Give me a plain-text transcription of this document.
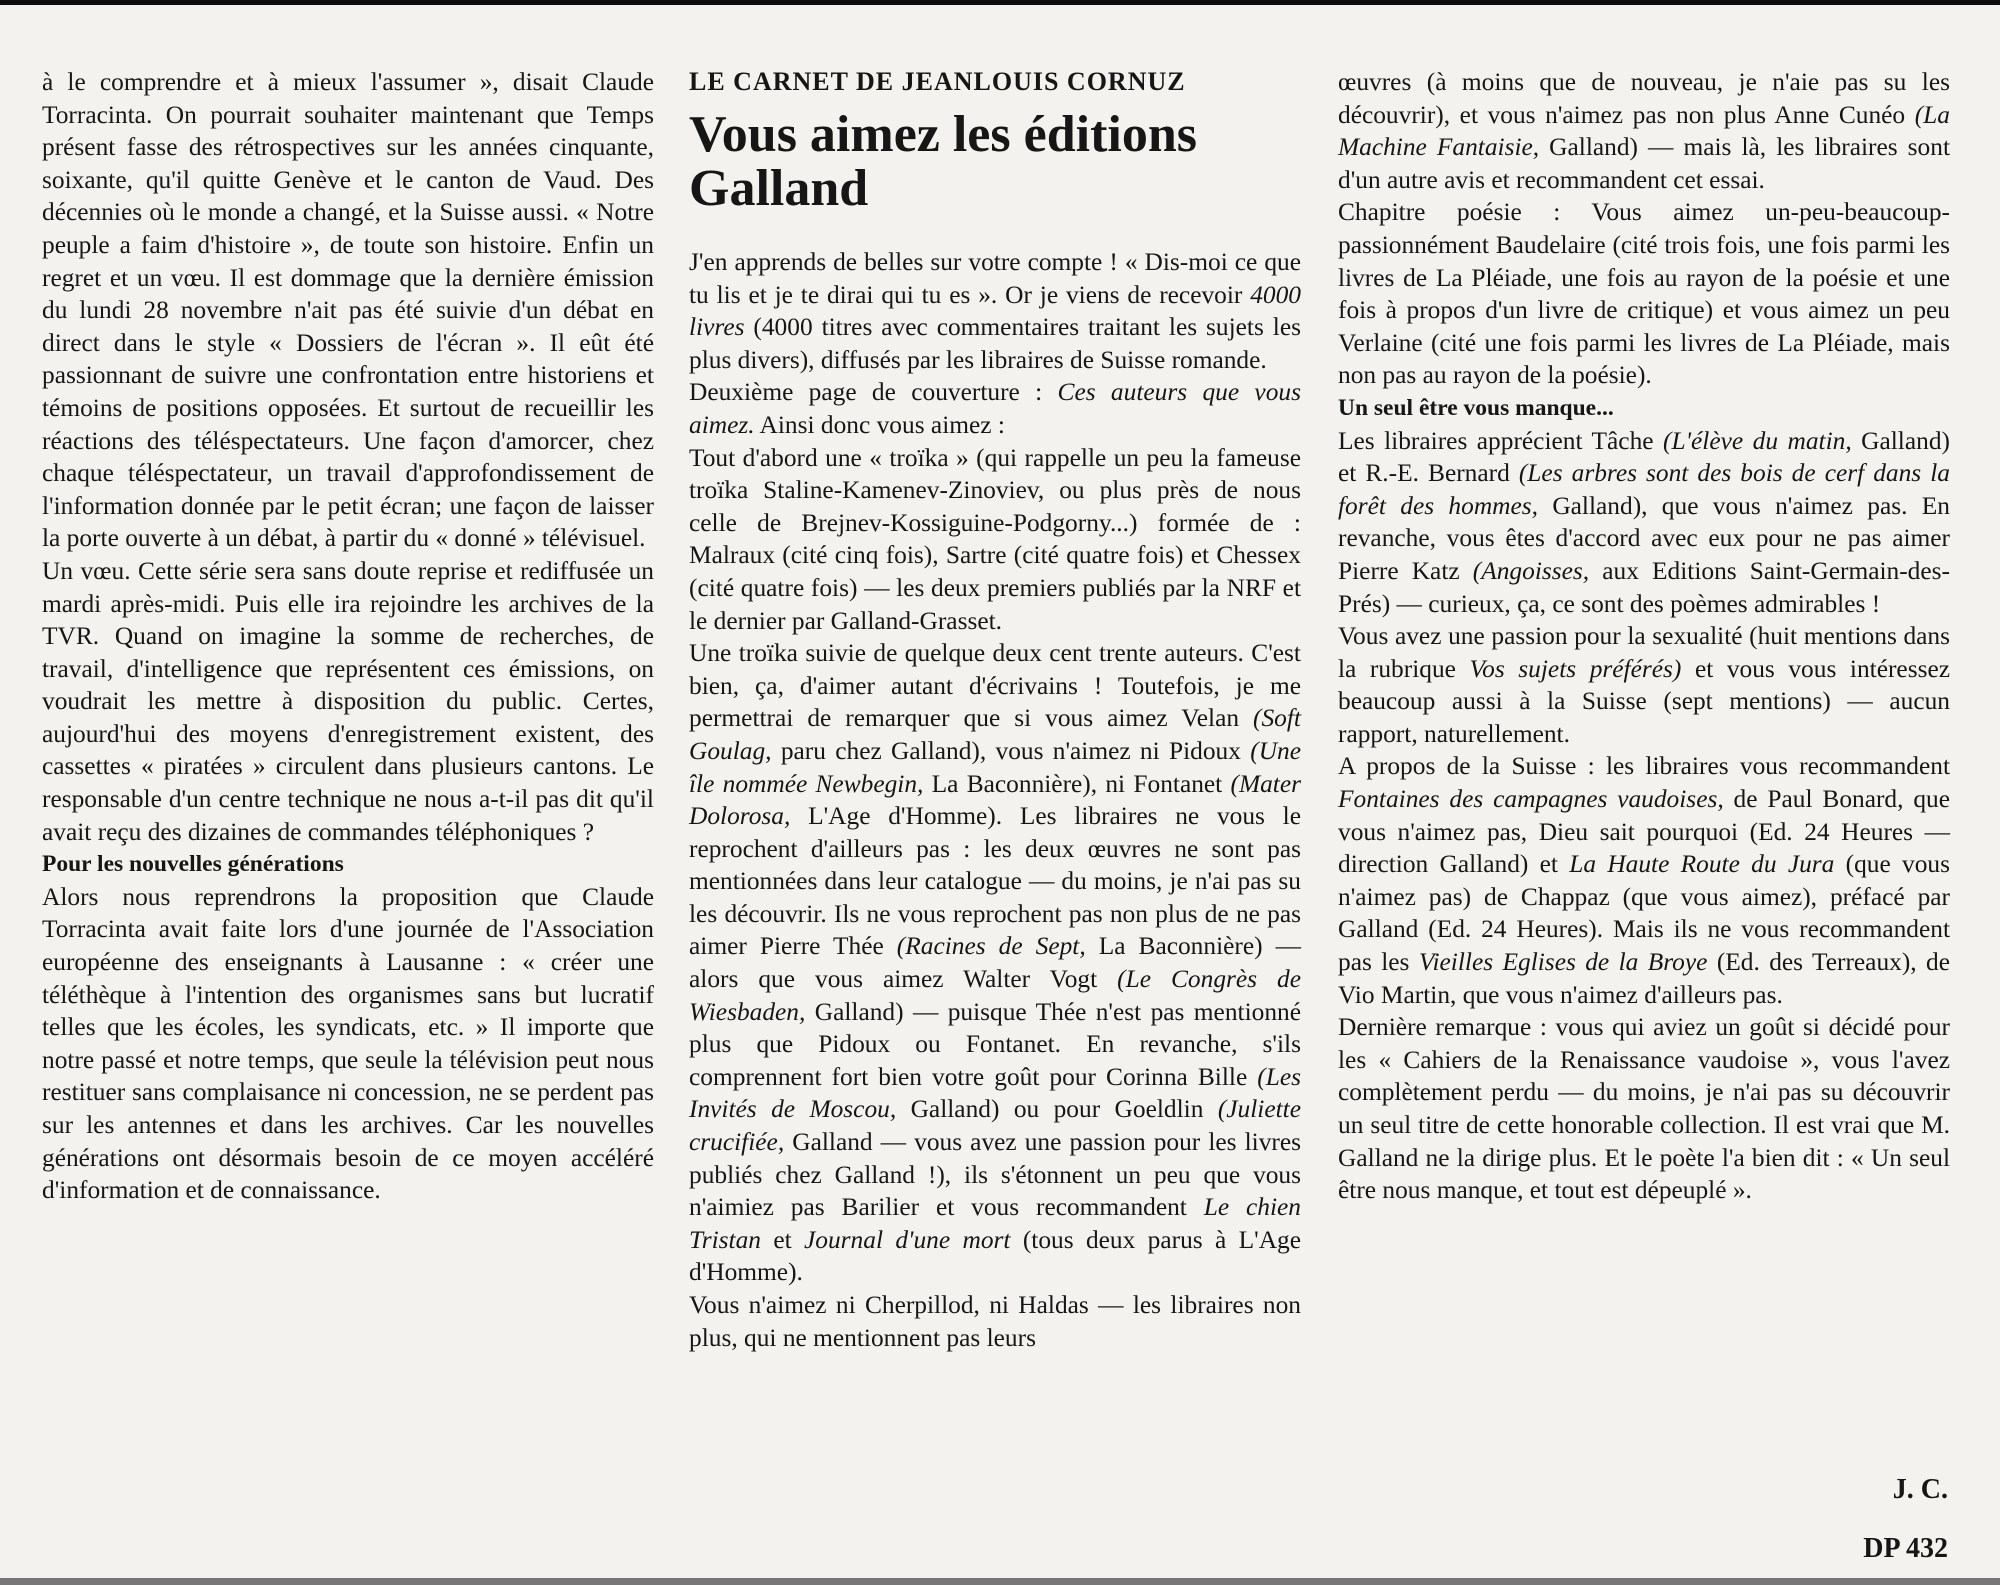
à le comprendre et à mieux l'assumer », disait Claude Torracinta. On pourrait souhaiter maintenant que Temps présent fasse des rétrospectives sur les années cinquante, soixante, qu'il quitte Genève et le canton de Vaud. Des décennies où le monde a changé, et la Suisse aussi. « Notre peuple a faim d'histoire », de toute son histoire. Enfin un regret et un vœu. Il est dommage que la dernière émission du lundi 28 novembre n'ait pas été suivie d'un débat en direct dans le style « Dossiers de l'écran ». Il eût été passionnant de suivre une confrontation entre historiens et témoins de positions opposées. Et surtout de recueillir les réactions des téléspectateurs. Une façon d'amorcer, chez chaque téléspectateur, un travail d'approfondissement de l'information donnée par le petit écran; une façon de laisser la porte ouverte à un débat, à partir du « donné » télévisuel.

Un vœu. Cette série sera sans doute reprise et rediffusée un mardi après-midi. Puis elle ira rejoindre les archives de la TVR. Quand on imagine la somme de recherches, de travail, d'intelligence que représentent ces émissions, on voudrait les mettre à disposition du public. Certes, aujourd'hui des moyens d'enregistrement existent, des cassettes « piratées » circulent dans plusieurs cantons. Le responsable d'un centre technique ne nous a-t-il pas dit qu'il avait reçu des dizaines de commandes téléphoniques ?

Pour les nouvelles générations

Alors nous reprendrons la proposition que Claude Torracinta avait faite lors d'une journée de l'Association européenne des enseignants à Lausanne : « créer une téléthèque à l'intention des organismes sans but lucratif telles que les écoles, les syndicats, etc. » Il importe que notre passé et notre temps, que seule la télévision peut nous restituer sans complaisance ni concession, ne se perdent pas sur les antennes et dans les archives. Car les nouvelles générations ont désormais besoin de ce moyen accéléré d'information et de connaissance.

LE CARNET DE JEANLOUIS CORNUZ

Vous aimez les éditions Galland

J'en apprends de belles sur votre compte ! « Dis-moi ce que tu lis et je te dirai qui tu es ». Or je viens de recevoir 4000 livres (4000 titres avec commentaires traitant les sujets les plus divers), diffusés par les libraires de Suisse romande.

Deuxième page de couverture : Ces auteurs que vous aimez. Ainsi donc vous aimez :

Tout d'abord une « troïka » (qui rappelle un peu la fameuse troïka Staline-Kamenev-Zinoviev, ou plus près de nous celle de Brejnev-Kossiguine-Podgorny...) formée de : Malraux (cité cinq fois), Sartre (cité quatre fois) et Chessex (cité quatre fois) — les deux premiers publiés par la NRF et le dernier par Galland-Grasset.

Une troïka suivie de quelque deux cent trente auteurs. C'est bien, ça, d'aimer autant d'écrivains ! Toutefois, je me permettrai de remarquer que si vous aimez Velan (Soft Goulag, paru chez Galland), vous n'aimez ni Pidoux (Une île nommée Newbegin, La Baconnière), ni Fontanet (Mater Dolorosa, L'Age d'Homme). Les libraires ne vous le reprochent d'ailleurs pas : les deux œuvres ne sont pas mentionnées dans leur catalogue — du moins, je n'ai pas su les découvrir. Ils ne vous reprochent pas non plus de ne pas aimer Pierre Thée (Racines de Sept, La Baconnière) — alors que vous aimez Walter Vogt (Le Congrès de Wiesbaden, Galland) — puisque Thée n'est pas mentionné plus que Pidoux ou Fontanet. En revanche, s'ils comprennent fort bien votre goût pour Corinna Bille (Les Invités de Moscou, Galland) ou pour Goeldlin (Juliette crucifiée, Galland — vous avez une passion pour les livres publiés chez Galland !), ils s'étonnent un peu que vous n'aimiez pas Barilier et vous recommandent Le chien Tristan et Journal d'une mort (tous deux parus à L'Age d'Homme).

Vous n'aimez ni Cherpillod, ni Haldas — les libraires non plus, qui ne mentionnent pas leurs

œuvres (à moins que de nouveau, je n'aie pas su les découvrir), et vous n'aimez pas non plus Anne Cunéo (La Machine Fantaisie, Galland) — mais là, les libraires sont d'un autre avis et recommandent cet essai.

Chapitre poésie : Vous aimez un-peu-beaucoup-passionnément Baudelaire (cité trois fois, une fois parmi les livres de La Pléiade, une fois au rayon de la poésie et une fois à propos d'un livre de critique) et vous aimez un peu Verlaine (cité une fois parmi les livres de La Pléiade, mais non pas au rayon de la poésie).

Un seul être vous manque...

Les libraires apprécient Tâche (L'élève du matin, Galland) et R.-E. Bernard (Les arbres sont des bois de cerf dans la forêt des hommes, Galland), que vous n'aimez pas. En revanche, vous êtes d'accord avec eux pour ne pas aimer Pierre Katz (Angoisses, aux Editions Saint-Germain-des-Prés) — curieux, ça, ce sont des poèmes admirables !

Vous avez une passion pour la sexualité (huit mentions dans la rubrique Vos sujets préférés) et vous vous intéressez beaucoup aussi à la Suisse (sept mentions) — aucun rapport, naturellement.

A propos de la Suisse : les libraires vous recommandent Fontaines des campagnes vaudoises, de Paul Bonard, que vous n'aimez pas, Dieu sait pourquoi (Ed. 24 Heures — direction Galland) et La Haute Route du Jura (que vous n'aimez pas) de Chappaz (que vous aimez), préfacé par Galland (Ed. 24 Heures). Mais ils ne vous recommandent pas les Vieilles Eglises de la Broye (Ed. des Terreaux), de Vio Martin, que vous n'aimez d'ailleurs pas.

Dernière remarque : vous qui aviez un goût si décidé pour les « Cahiers de la Renaissance vaudoise », vous l'avez complètement perdu — du moins, je n'ai pas su découvrir un seul titre de cette honorable collection. Il est vrai que M. Galland ne la dirige plus. Et le poète l'a bien dit : « Un seul être nous manque, et tout est dépeuplé ».

J. C.
DP 432
